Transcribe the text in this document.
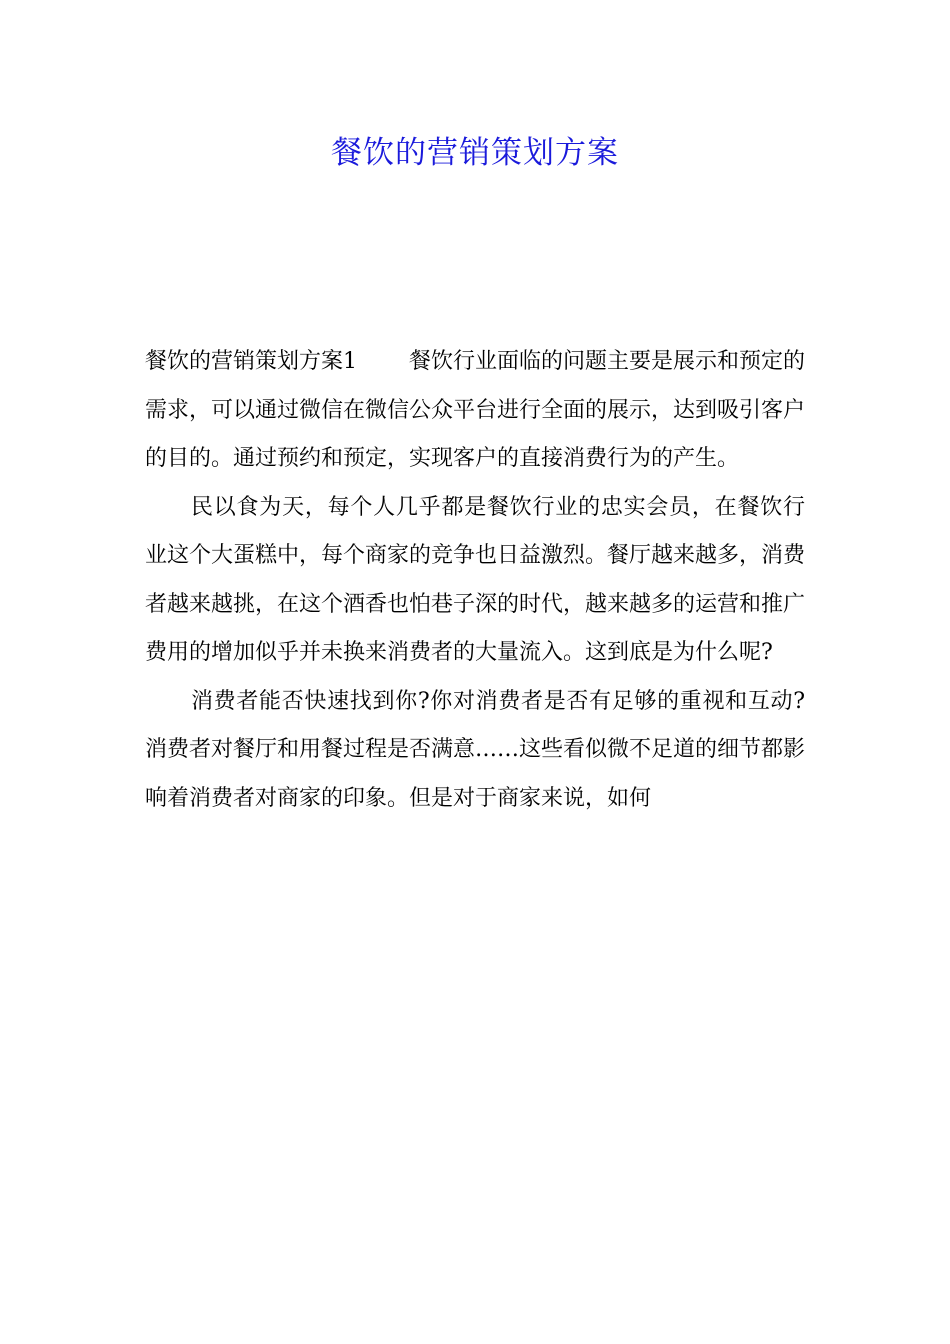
餐饮的营销策划方案

餐饮的营销策划方案1 餐饮行业面临的问题主要是展示和预定的需求，可以通过微信在微信公众平台进行全面的展示，达到吸引客户的目的。通过预约和预定，实现客户的直接消费行为的产生。

民以食为天，每个人几乎都是餐饮行业的忠实会员，在餐饮行业这个大蛋糕中，每个商家的竞争也日益激烈。餐厅越来越多，消费者越来越挑，在这个酒香也怕巷子深的时代，越来越多的运营和推广费用的增加似乎并未换来消费者的大量流入。这到底是为什么呢?

消费者能否快速找到你?你对消费者是否有足够的重视和互动?消费者对餐厅和用餐过程是否满意……这些看似微不足道的细节都影响着消费者对商家的印象。但是对于商家来说，如何
